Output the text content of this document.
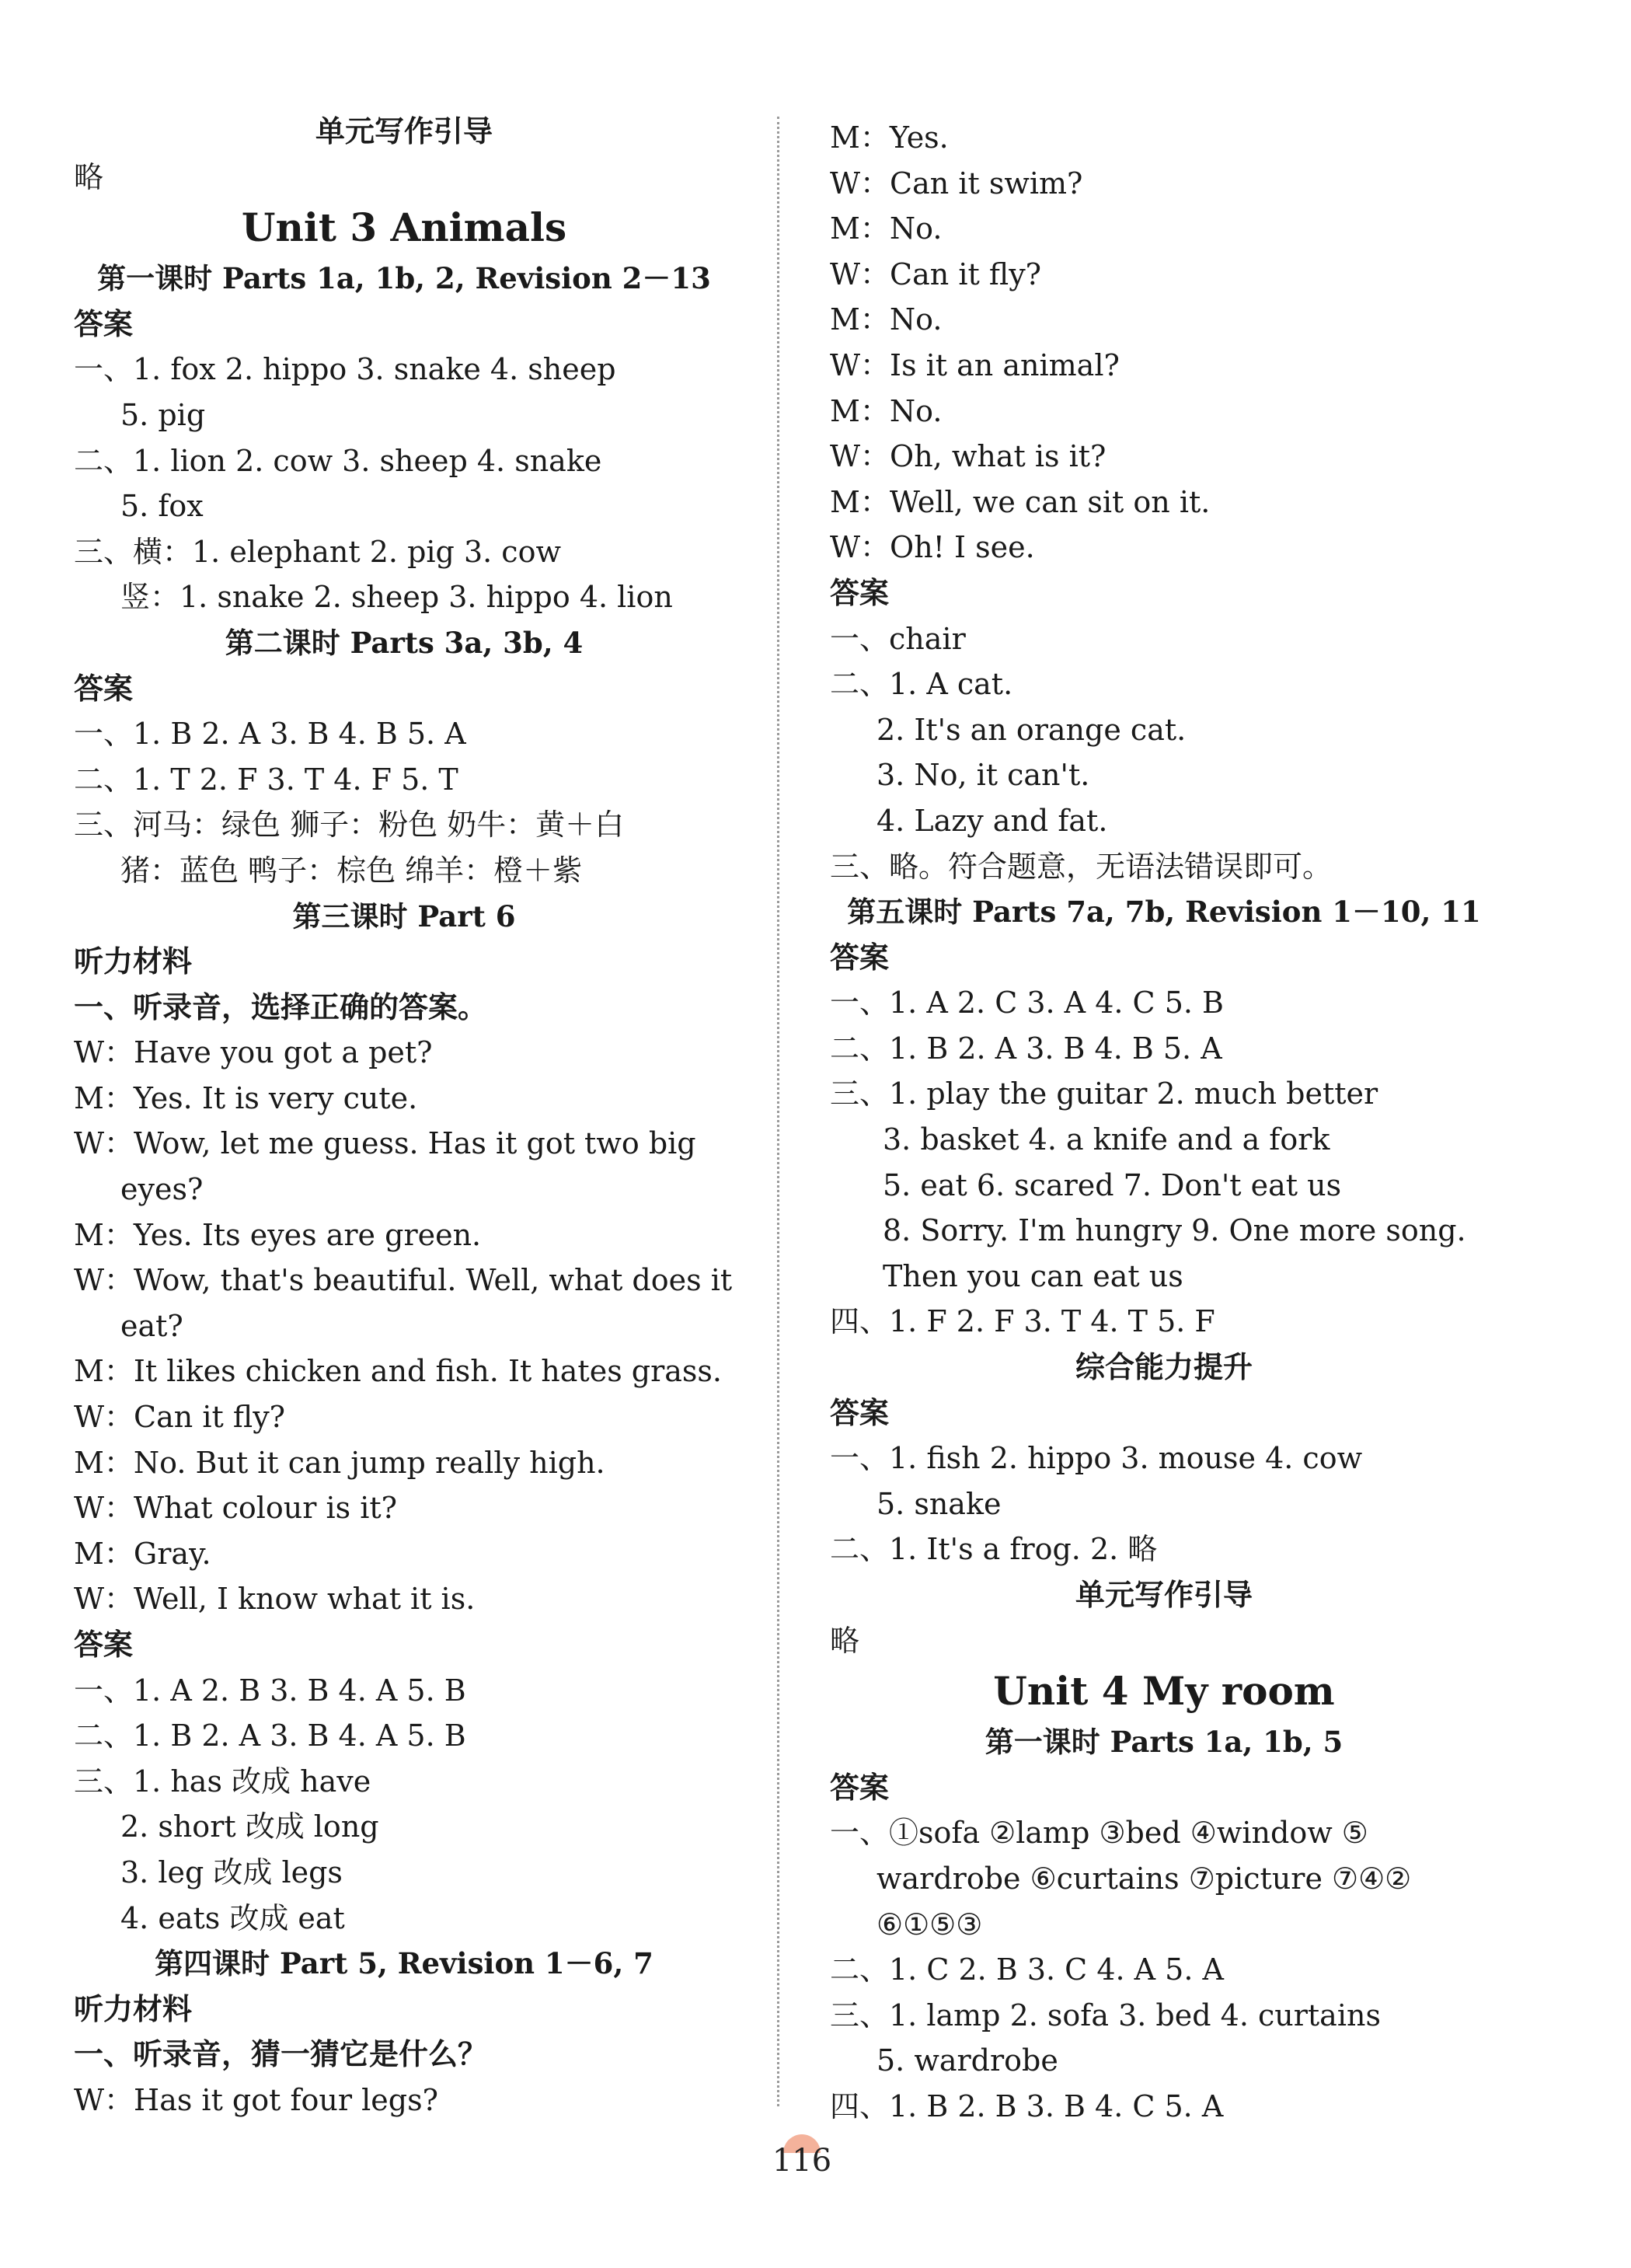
单元写作引导
略
Unit 3 Animals
第一课时 Parts 1a, 1b, 2, Revision 2－13
答案
一、1. fox 2. hippo 3. snake 4. sheep
5. pig
二、1. lion 2. cow 3. sheep 4. snake
5. fox
三、横：1. elephant 2. pig 3. cow
竖：1. snake 2. sheep 3. hippo 4. lion
第二课时 Parts 3a, 3b, 4
答案
一、1. B 2. A 3. B 4. B 5. A
二、1. T 2. F 3. T 4. F 5. T
三、河马：绿色 狮子：粉色 奶牛：黄＋白
猪：蓝色 鸭子：棕色 绵羊：橙＋紫
第三课时 Part 6
听力材料
一、听录音，选择正确的答案。
W：Have you got a pet?
M：Yes. It is very cute.
W：Wow, let me guess. Has it got two big
eyes?
M：Yes. Its eyes are green.
W：Wow, that's beautiful. Well, what does it
eat?
M：It likes chicken and fish. It hates grass.
W：Can it fly?
M：No. But it can jump really high.
W：What colour is it?
M：Gray.
W：Well, I know what it is.
答案
一、1. A 2. B 3. B 4. A 5. B
二、1. B 2. A 3. B 4. A 5. B
三、1. has 改成 have
2. short 改成 long
3. leg 改成 legs
4. eats 改成 eat
第四课时 Part 5, Revision 1－6, 7
听力材料
一、听录音，猜一猜它是什么？
W：Has it got four legs?
M：Yes.
W：Can it swim?
M：No.
W：Can it fly?
M：No.
W：Is it an animal?
M：No.
W：Oh, what is it?
M：Well, we can sit on it.
W：Oh! I see.
答案
一、chair
二、1. A cat.
2. It's an orange cat.
3. No, it can't.
4. Lazy and fat.
三、略。符合题意，无语法错误即可。
第五课时 Parts 7a, 7b, Revision 1－10, 11
答案
一、1. A 2. C 3. A 4. C 5. B
二、1. B 2. A 3. B 4. B 5. A
三、1. play the guitar 2. much better
3. basket 4. a knife and a fork
5. eat 6. scared 7. Don't eat us
8. Sorry. I'm hungry 9. One more song.
Then you can eat us
四、1. F 2. F 3. T 4. T 5. F
综合能力提升
答案
一、1. fish 2. hippo 3. mouse 4. cow
5. snake
二、1. It's a frog. 2. 略
单元写作引导
略
Unit 4 My room
第一课时 Parts 1a, 1b, 5
答案
一、①sofa ②lamp ③bed ④window ⑤
wardrobe ⑥curtains ⑦picture ⑦④②
⑥①⑤③
二、1. C 2. B 3. C 4. A 5. A
三、1. lamp 2. sofa 3. bed 4. curtains
5. wardrobe
四、1. B 2. B 3. B 4. C 5. A
116
